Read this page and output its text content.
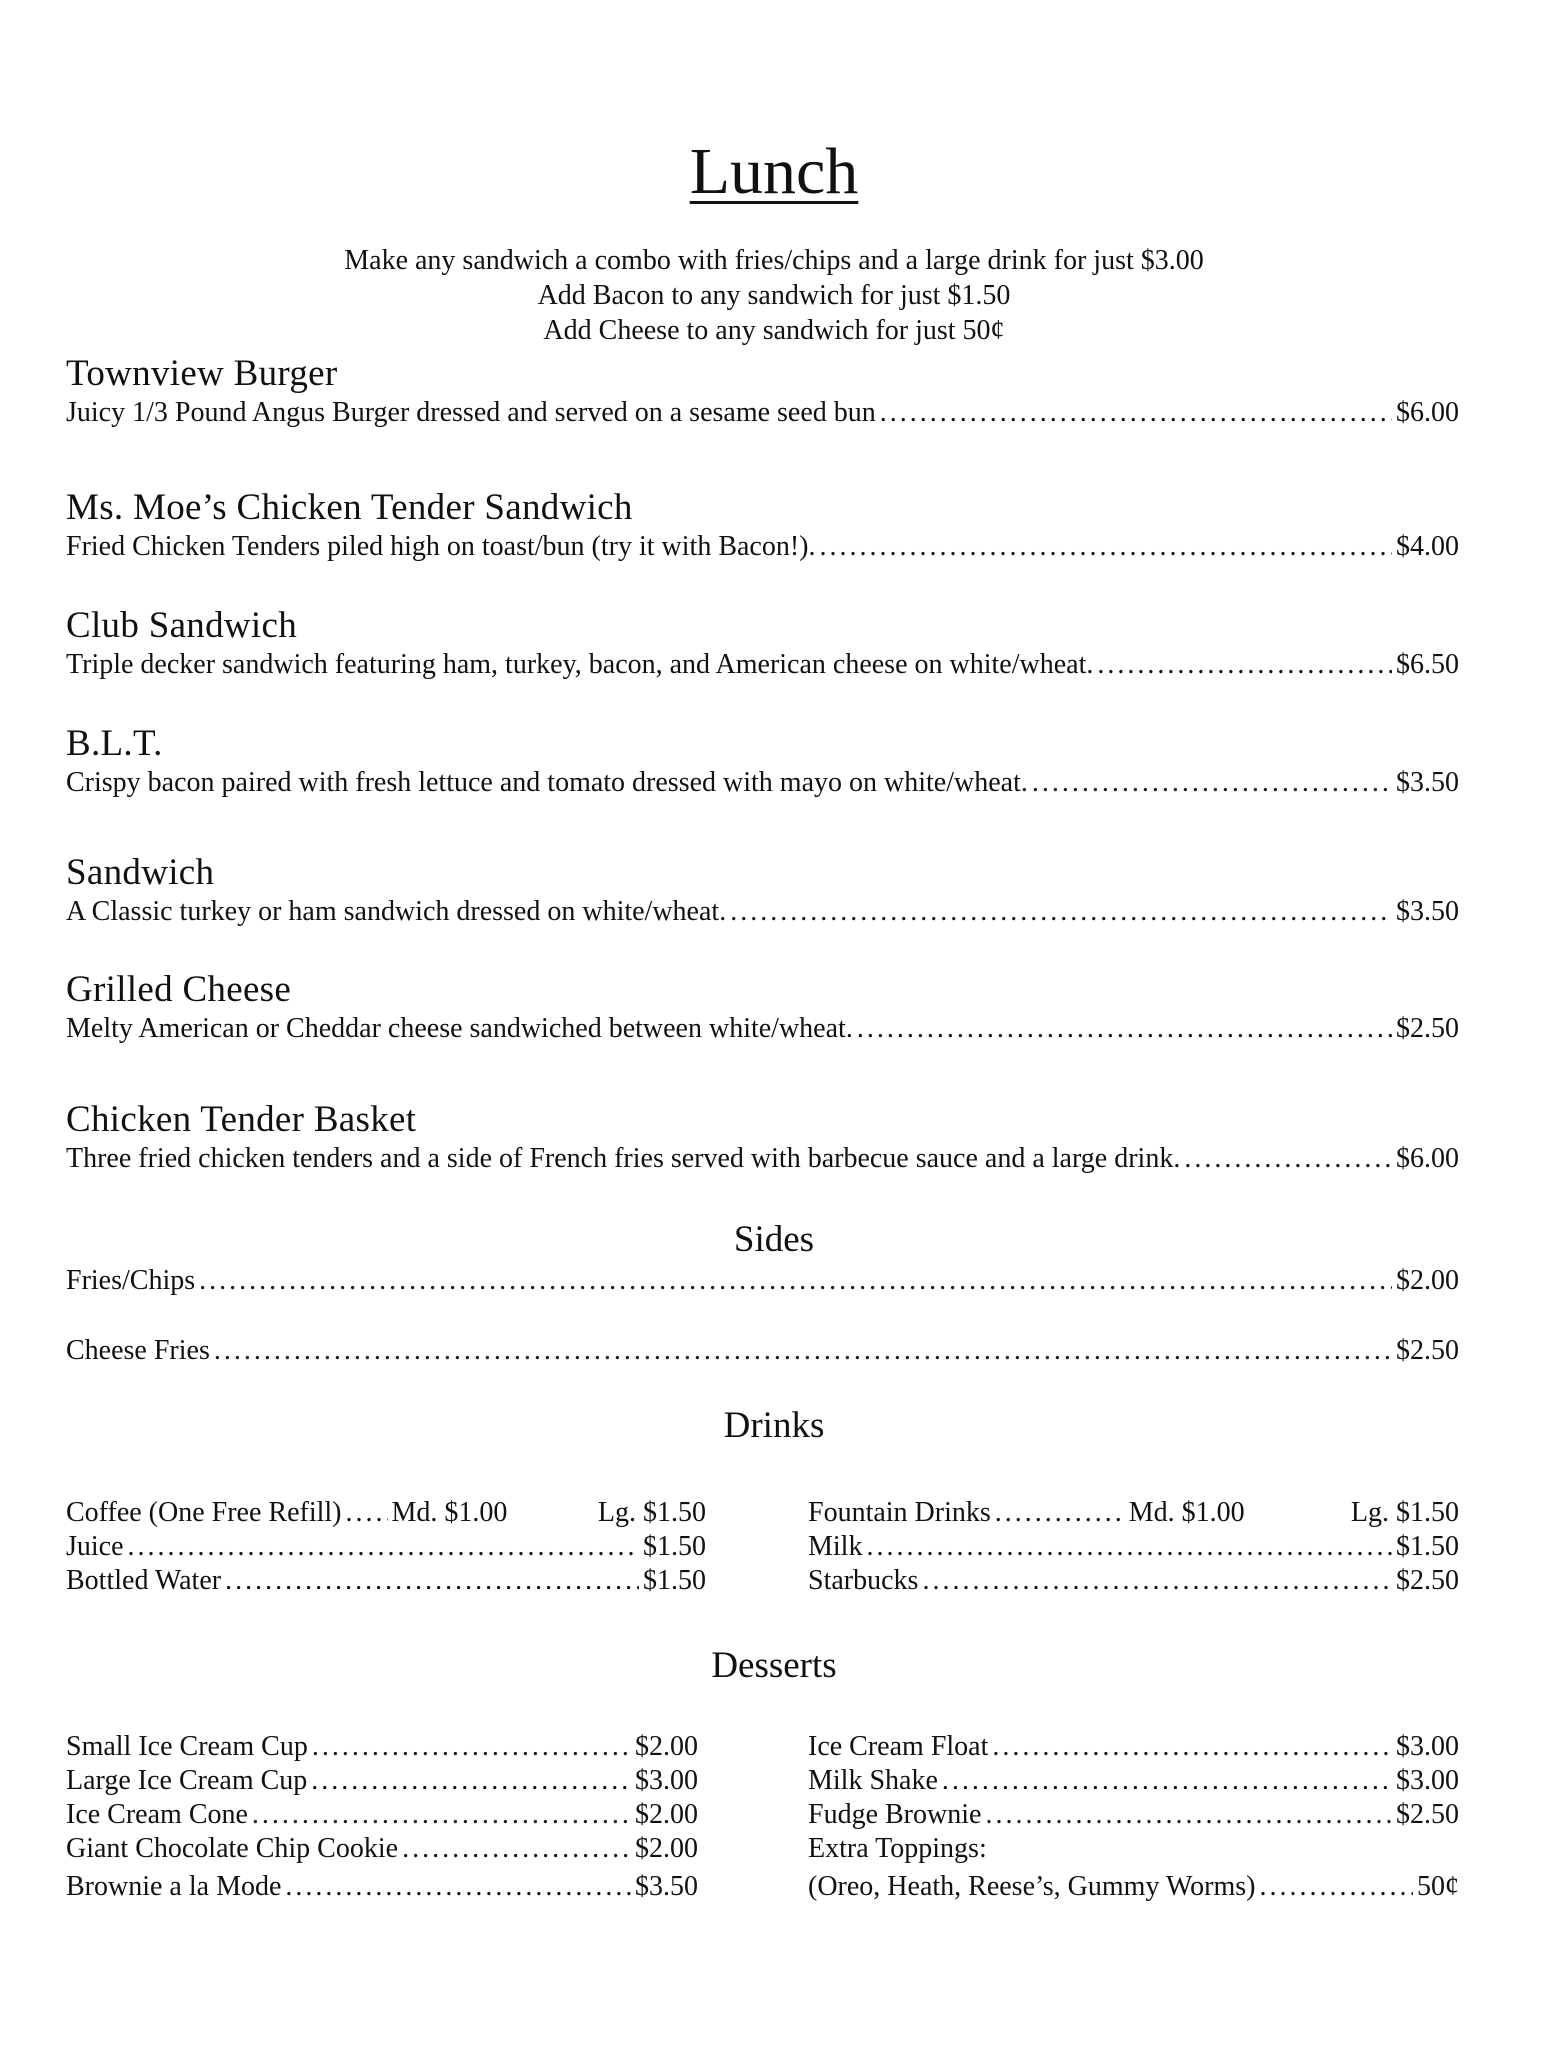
Lunch
Make any sandwich a combo with fries/chips and a large drink for just $3.00
Add Bacon to any sandwich for just $1.50
Add Cheese to any sandwich for just 50¢
Townview Burger
Juicy 1/3 Pound Angus Burger dressed and served on a sesame seed bun .....	$6.00
Ms. Moe’s Chicken Tender Sandwich
Fried Chicken Tenders piled high on toast/bun (try it with Bacon!). .....	$4.00
Club Sandwich
Triple decker sandwich featuring ham, turkey, bacon, and American cheese on white/wheat. .....	$6.50
B.L.T.
Crispy bacon paired with fresh lettuce and tomato dressed with mayo on white/wheat. .....	$3.50
Sandwich
A Classic turkey or ham sandwich dressed on white/wheat. .....	$3.50
Grilled Cheese
Melty American or Cheddar cheese sandwiched between white/wheat. .....	$2.50
Chicken Tender Basket
Three fried chicken tenders and a side of French fries served with barbecue sauce and a large drink. .....	$6.00
Sides
Fries/Chips .....	$2.00
Cheese Fries .....	$2.50
Drinks
Coffee (One Free Refill) ..... Md. $1.00	Lg. $1.50
Juice .....	$1.50
Bottled Water .....	$1.50
Fountain Drinks .....	Md. $1.00	Lg. $1.50
Milk .....	$1.50
Starbucks .....	$2.50
Desserts
Small Ice Cream Cup .....	$2.00
Large Ice Cream Cup .....	$3.00
Ice Cream Cone .....	$2.00
Giant Chocolate Chip Cookie .....	$2.00
Brownie a la Mode .....	$3.50
Ice Cream Float .....	$3.00
Milk Shake .....	$3.00
Fudge Brownie .....	$2.50
Extra Toppings:
(Oreo, Heath, Reese’s, Gummy Worms) .....	50¢
